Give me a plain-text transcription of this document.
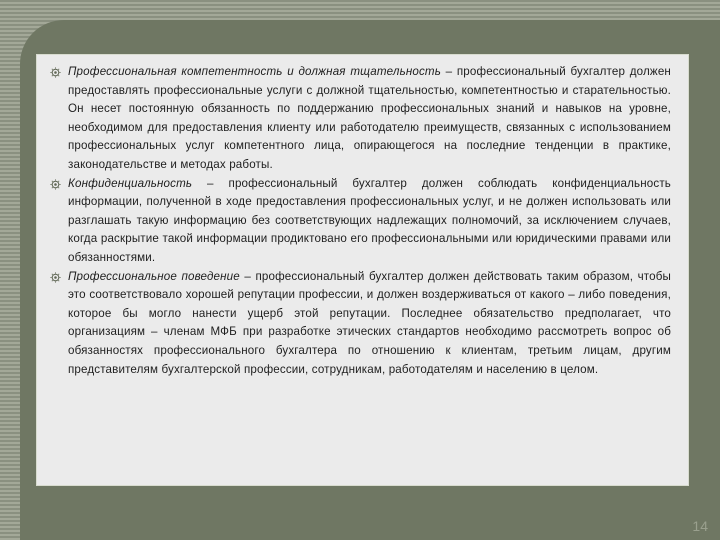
Профессиональная компетентность и должная тщательность – профессиональный бухгалтер должен предоставлять профессиональные услуги с должной тщательностью, компетентностью и старательностью. Он несет постоянную обязанность по поддержанию профессиональных знаний и навыков на уровне, необходимом для предоставления клиенту или работодателю преимуществ, связанных с использованием профессиональных услуг компетентного лица, опирающегося на последние тенденции в практике, законодательстве и методах работы.
Конфиденциальность – профессиональный бухгалтер должен соблюдать конфиденциальность информации, полученной в ходе предоставления профессиональных услуг, и не должен использовать или разглашать такую информацию без соответствующих надлежащих полномочий, за исключением случаев, когда раскрытие такой информации продиктовано его профессиональными или юридическими правами или обязанностями.
Профессиональное поведение – профессиональный бухгалтер должен действовать таким образом, чтобы это соответствовало хорошей репутации профессии, и должен воздерживаться от какого – либо поведения, которое бы могло нанести ущерб этой репутации. Последнее обязательство предполагает, что организациям – членам МФБ при разработке этических стандартов необходимо рассмотреть вопрос об обязанностях профессионального бухгалтера по отношению к клиентам, третьим лицам, другим представителям бухгалтерской профессии, сотрудникам, работодателям и населению в целом.
14
